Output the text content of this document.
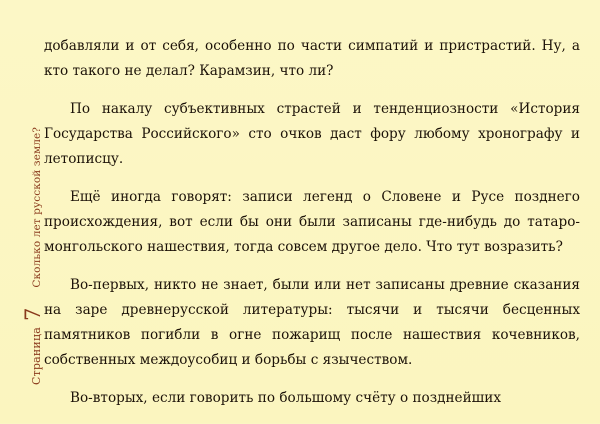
Страница
7
Сколько лет русской земле?

добавляли и от себя, особенно по части симпатий и пристрастий. Ну, а кто такого не делал? Карамзин, что ли?

По накалу субъективных страстей и тенденциозности «История Государства Российского» сто очков даст фору любому хронографу и летописцу.

Ещё иногда говорят: записи легенд о Словене и Русе позднего происхождения, вот если бы они были записаны где-нибудь до татаро-монгольского нашествия, тогда совсем другое дело. Что тут возразить?

Во-первых, никто не знает, были или нет записаны древние сказания на заре древнерусской литературы: тысячи и тысячи бесценных памятников погибли в огне пожарищ после нашествия кочевников, собственных междоусобиц и борьбы с язычеством.

Во-вторых, если говорить по большому счёту о позднейших
